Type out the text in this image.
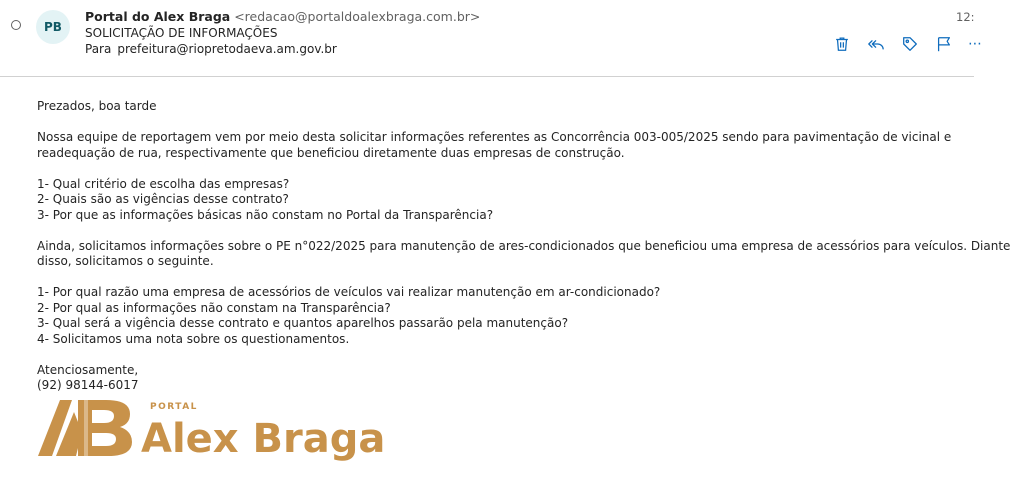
PB
Portal do Alex Braga <redacao@portaldoalexbraga.com.br>
SOLICITAÇÃO DE INFORMAÇÕES
Para prefeitura@riopretodaeva.am.gov.br
12:
⋯

Prezados, boa tarde

Nossa equipe de reportagem vem por meio desta solicitar informações referentes as Concorrência 003-005/2025 sendo para pavimentação de vicinal e

readequação de rua, respectivamente que beneficiou diretamente duas empresas de construção.

1- Qual critério de escolha das empresas?

2- Quais são as vigências desse contrato?

3- Por que as informações básicas não constam no Portal da Transparência?

Ainda, solicitamos informações sobre o PE n°022/2025 para manutenção de ares-condicionados que beneficiou uma empresa de acessórios para veículos. Diante

disso, solicitamos o seguinte.

1- Por qual razão uma empresa de acessórios de veículos vai realizar manutenção em ar-condicionado?

2- Por qual as informações não constam na Transparência?

3- Qual será a vigência desse contrato e quantos aparelhos passarão pela manutenção?

4- Solicitamos uma nota sobre os questionamentos.

Atenciosamente,

(92) 98144-6017

PORTAL
Alex Braga
